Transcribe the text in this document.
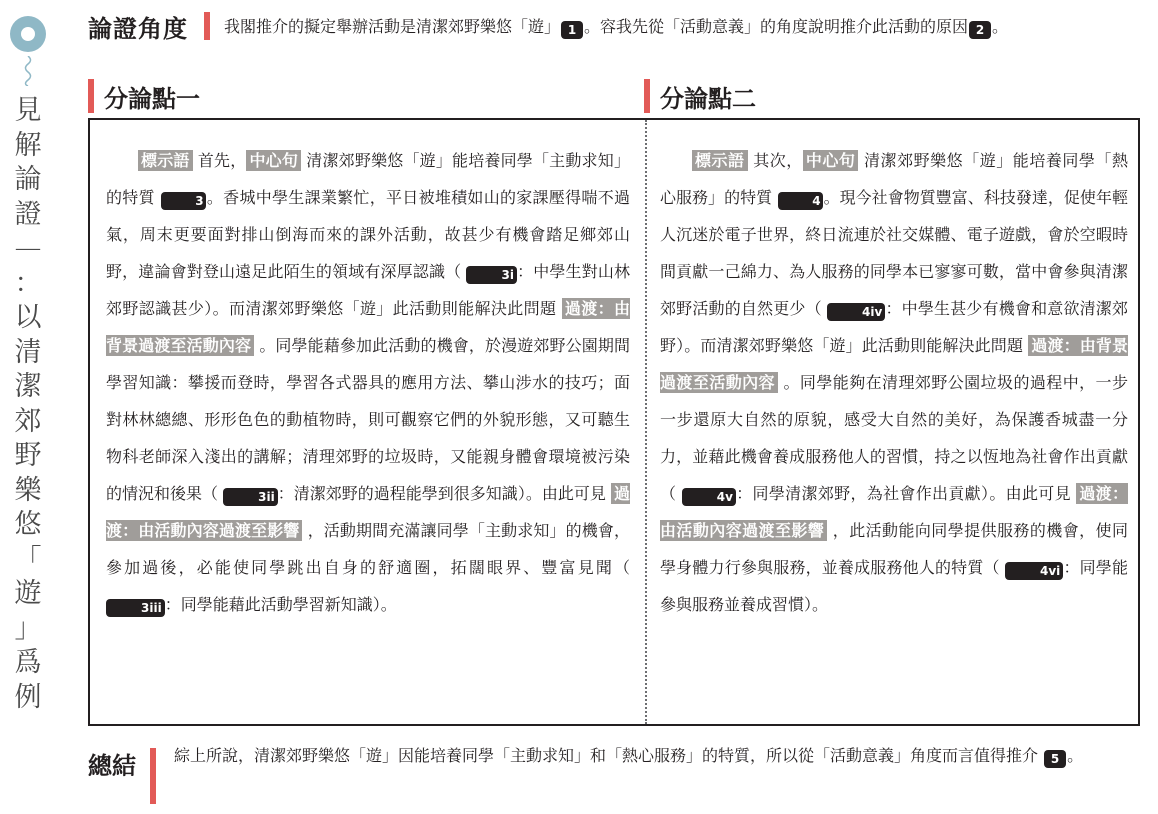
見
解
論
證
—
：
以
清
潔
郊
野
樂
悠
「
遊
」
爲
例
論證角度 我閣推介的擬定舉辦活動是清潔郊野樂悠「遊」 1 。容我先從「活動意義」的角度說明推介此活動的原因 2 。
分論點一	分論點二

標示語 首先， 中心句 清潔郊野樂悠「遊」能培養同學「主動求知」的特質	3 。香城中學生課業繁忙，平日被堆積如山的家課壓得喘不過氣，周末更要面對排山倒海而來的課外活動，故甚少有機會踏足鄉郊山野，違論會對登山遠足此陌生的領域有深厚認識（	3i ：中學生對山林郊野認識甚少）。而清潔郊野樂悠「遊」此活動則能解決此問題 過渡：由背景過渡至活動內容 。同學能藉參加此活動的機會，於漫遊郊野公園期間學習知識：攀援而登時，學習各式器具的應用方法、攀山涉水的技巧；面對林林總總、形形色色的動植物時，則可觀察它們的外貌形態，又可聽生物科老師深入淺出的講解；清理郊野的垃圾時，又能親身體會環境被污染的情況和後果（	3ii ：清潔郊野的過程能學到很多知識）。由此可見 過渡：由活動內容過渡至影響 ，活動期間充滿讓同學「主動求知」的機會，參加過後，必能使同學跳出自身的舒適圈，拓闊眼界、豐富見聞（ 3iii ：同學能藉此活動學習新知識）。

標示語 其次， 中心句 清潔郊野樂悠「遊」能培養同學「熱心服務」的特質	4 。現今社會物質豐富、科技發達，促使年輕人沉迷於電子世界，終日流連於社交媒體、電子遊戲，會於空暇時間貢獻一己綿力、為人服務的同學本已寥寥可數，當中會參與清潔郊野活動的自然更少（	4iv ：中學生甚少有機會和意欲清潔郊野）。而清潔郊野樂悠「遊」此活動則能解決此問題 過渡：由背景過渡至活動內容 。同學能夠在清理郊野公園垃圾的過程中，一步一步還原大自然的原貌，感受大自然的美好，為保護香城盡一分力，並藉此機會養成服務他人的習慣，持之以恆地為社會作出貢獻（	4v ：同學清潔郊野，為社會作出貢獻）。由此可見 過渡：由活動內容過渡至影響 ，此活動能向同學提供服務的機會，使同學身體力行參與服務，並養成服務他人的特質（	4vi ：同學能參與服務並養成習慣）。

總結 綜上所說，清潔郊野樂悠「遊」因能培養同學「主動求知」和「熱心服務」的特質，所以從「活動意義」角度而言值得推介 5 。
